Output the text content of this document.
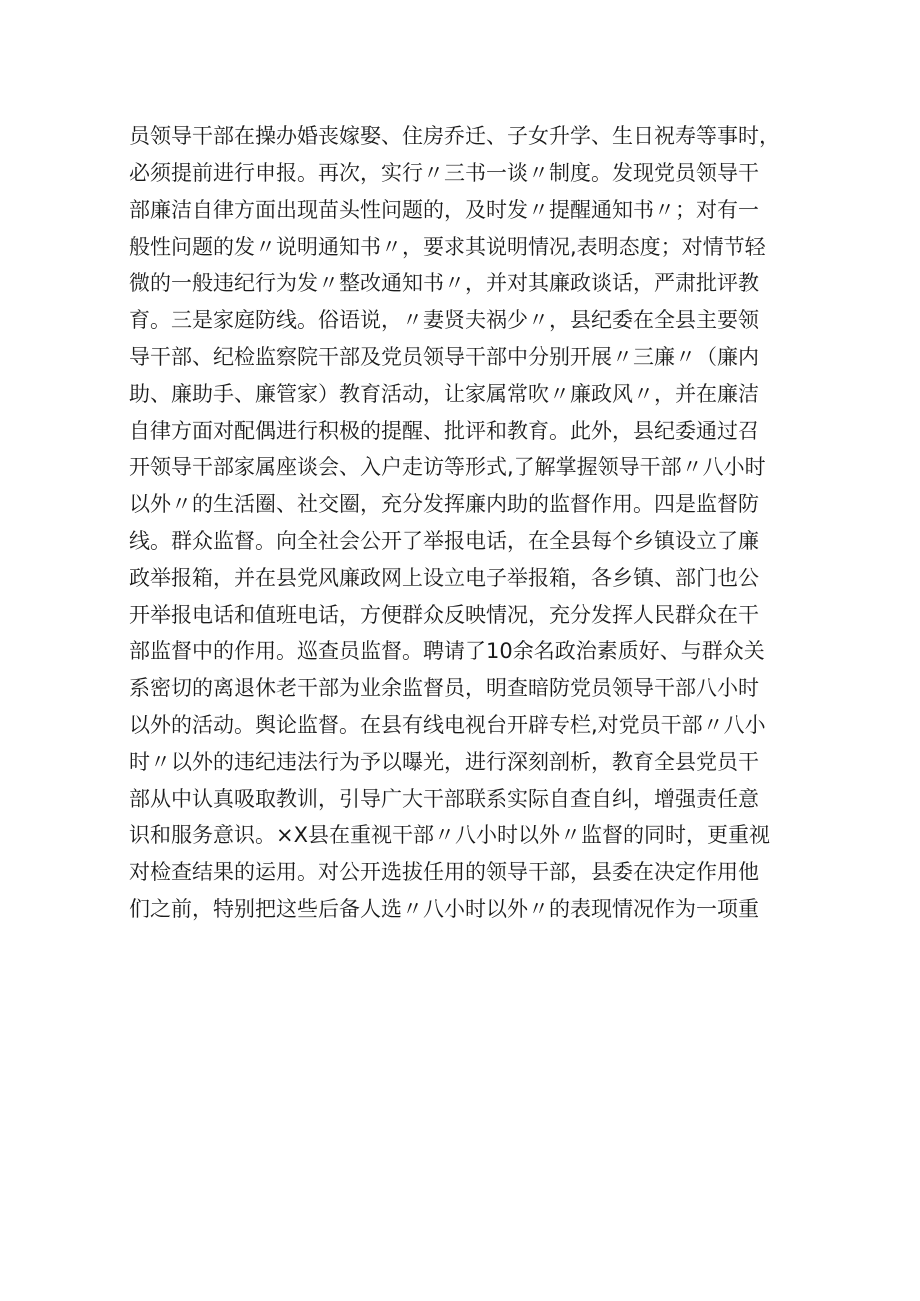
员领导干部在操办婚丧嫁娶、住房乔迁、子女升学、生日祝寿等事时，
必须提前进行申报。再次，实行〃三书一谈〃制度。发现党员领导干
部廉洁自律方面出现苗头性问题的，及时发〃提醒通知书〃；对有一
般性问题的发〃说明通知书〃，要求其说明情况,表明态度；对情节轻
微的一般违纪行为发〃整改通知书〃，并对其廉政谈话，严肃批评教
育。三是家庭防线。俗语说，〃妻贤夫祸少〃，县纪委在全县主要领
导干部、纪检监察院干部及党员领导干部中分别开展〃三廉〃（廉内
助、廉助手、廉管家）教育活动，让家属常吹〃廉政风〃，并在廉洁
自律方面对配偶进行积极的提醒、批评和教育。此外，县纪委通过召
开领导干部家属座谈会、入户走访等形式,了解掌握领导干部〃八小时
以外〃的生活圈、社交圈，充分发挥廉内助的监督作用。四是监督防
线。群众监督。向全社会公开了举报电话，在全县每个乡镇设立了廉
政举报箱，并在县党风廉政网上设立电子举报箱，各乡镇、部门也公
开举报电话和值班电话，方便群众反映情况，充分发挥人民群众在干
部监督中的作用。巡查员监督。聘请了10余名政治素质好、与群众关
系密切的离退休老干部为业余监督员，明查暗防党员领导干部八小时
以外的活动。舆论监督。在县有线电视台开辟专栏,对党员干部〃八小
时〃以外的违纪违法行为予以曝光，进行深刻剖析，教育全县党员干
部从中认真吸取教训，引导广大干部联系实际自查自纠，增强责任意
识和服务意识。×X县在重视干部〃八小时以外〃监督的同时，更重视
对检查结果的运用。对公开选拔任用的领导干部，县委在决定作用他
们之前，特别把这些后备人选〃八小时以外〃的表现情况作为一项重
